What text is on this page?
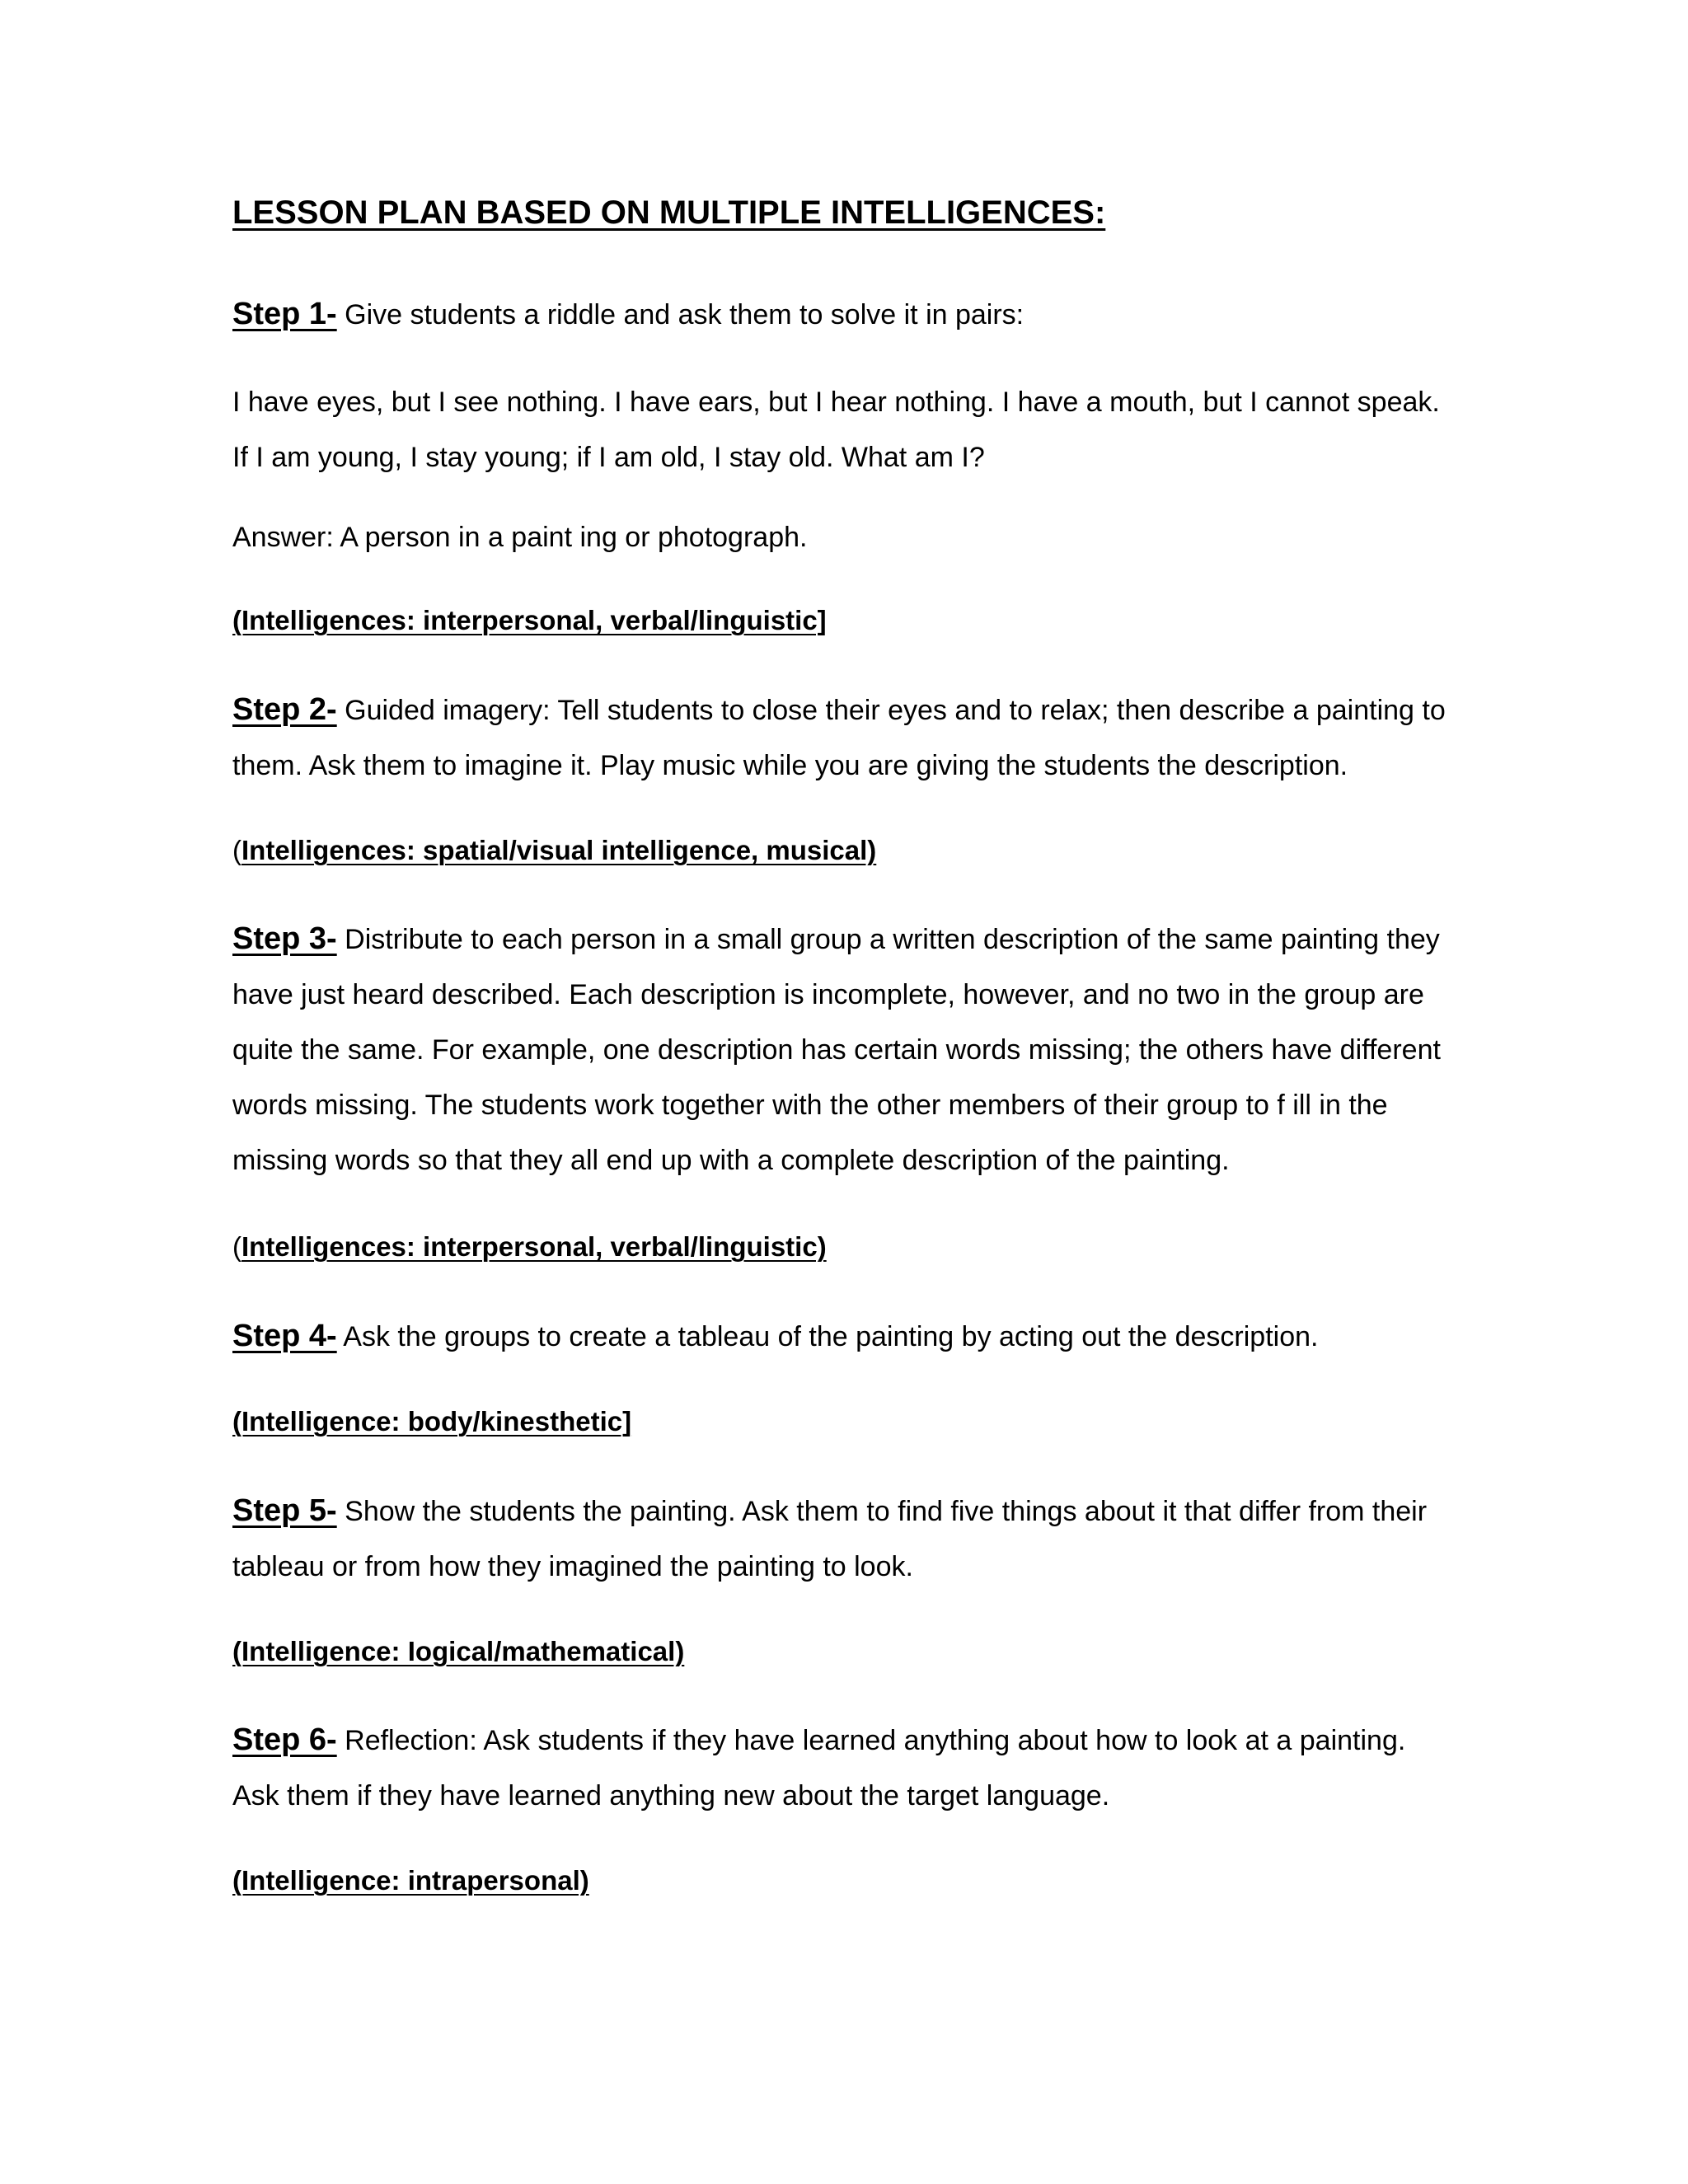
LESSON PLAN BASED ON MULTIPLE INTELLIGENCES:

Step 1- Give students a riddle and ask them to solve it in pairs:

I have eyes, but I see nothing. I have ears, but I hear nothing. I have a mouth, but I cannot speak. If I am young, I stay young; if I am old, I stay old. What am I?

Answer: A person in a paint ing or photograph.

(Intelligences: interpersonal, verbal/linguistic]

Step 2- Guided imagery: Tell students to close their eyes and to relax; then describe a painting to them. Ask them to imagine it. Play music while you are giving the students the description.

(Intelligences: spatial/visual intelligence, musical)

Step 3- Distribute to each person in a small group a written description of the same painting they have just heard described. Each description is incomplete, however, and no two in the group are quite the same. For example, one description has certain words missing; the others have different words missing. The students work together with the other members of their group to f ill in the missing words so that they all end up with a complete description of the painting.

(Intelligences: interpersonal, verbal/linguistic)

Step 4- Ask the groups to create a tableau of the painting by acting out the description.

(Intelligence: body/kinesthetic]

Step 5- Show the students the painting. Ask them to find five things about it that differ from their tableau or from how they imagined the painting to look.

(Intelligence: Iogical/mathematical)

Step 6- Reflection: Ask students if they have learned anything about how to look at a painting. Ask them if they have learned anything new about the target language.

(Intelligence: intrapersonal)
